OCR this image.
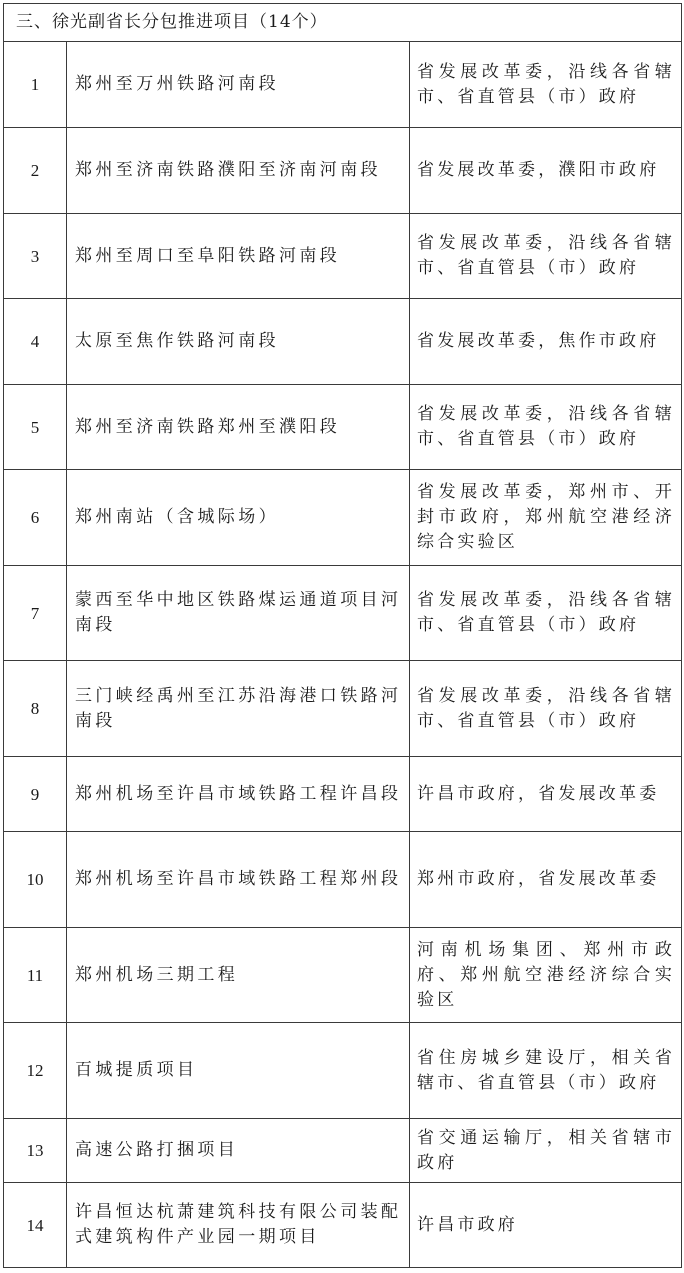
三、徐光副省长分包推进项目（14个）		
1	郑州至万州铁路河南段	省发展改革委，沿线各省辖市、省直管县（市）政府
2	郑州至济南铁路濮阳至济南河南段	省发展改革委，濮阳市政府
3	郑州至周口至阜阳铁路河南段	省发展改革委，沿线各省辖市、省直管县（市）政府
4	太原至焦作铁路河南段	省发展改革委，焦作市政府
5	郑州至济南铁路郑州至濮阳段	省发展改革委，沿线各省辖市、省直管县（市）政府
6	郑州南站（含城际场）	省发展改革委，郑州市、开封市政府，郑州航空港经济综合实验区
7	蒙西至华中地区铁路煤运通道项目河南段	省发展改革委，沿线各省辖市、省直管县（市）政府
8	三门峡经禹州至江苏沿海港口铁路河南段	省发展改革委，沿线各省辖市、省直管县（市）政府
9	郑州机场至许昌市域铁路工程许昌段	许昌市政府，省发展改革委
10	郑州机场至许昌市域铁路工程郑州段	郑州市政府，省发展改革委
11	郑州机场三期工程	河南机场集团、郑州市政府、郑州航空港经济综合实验区
12	百城提质项目	省住房城乡建设厅，相关省辖市、省直管县（市）政府
13	高速公路打捆项目	省交通运输厅，相关省辖市政府
14	许昌恒达杭萧建筑科技有限公司装配式建筑构件产业园一期项目	许昌市政府
